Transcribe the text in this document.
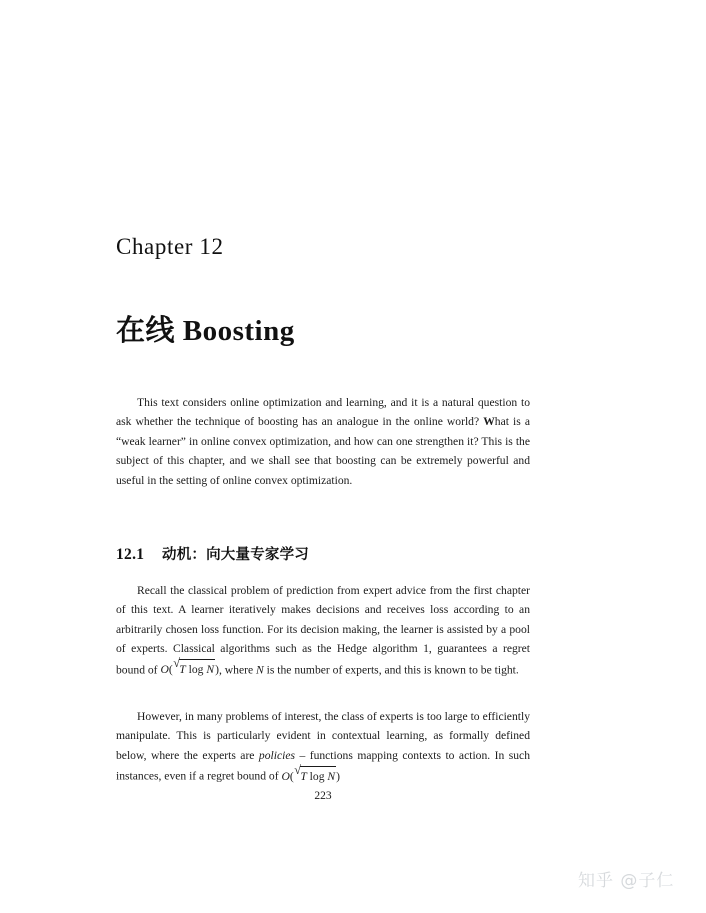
Chapter 12
在线 Boosting

This text considers online optimization and learning, and it is a natural question to ask whether the technique of boosting has an analogue in the online world? What is a “weak learner” in online convex optimization, and how can one strengthen it? This is the subject of this chapter, and we shall see that boosting can be extremely powerful and useful in the setting of online convex optimization.

12.1 动机：向大量专家学习

Recall the classical problem of prediction from expert advice from the first chapter of this text. A learner iteratively makes decisions and receives loss according to an arbitrarily chosen loss function. For its decision making, the learner is assisted by a pool of experts. Classical algorithms such as the Hedge algorithm 1, guarantees a regret bound of O( √ T log N), where N is the number of experts, and this is known to be tight.

However, in many problems of interest, the class of experts is too large to efficiently manipulate. This is particularly evident in contextual learning, as formally defined below, where the experts are policies – functions mapping contexts to action. In such instances, even if a regret bound of O( √ T log N)

223
知乎 @子仁
